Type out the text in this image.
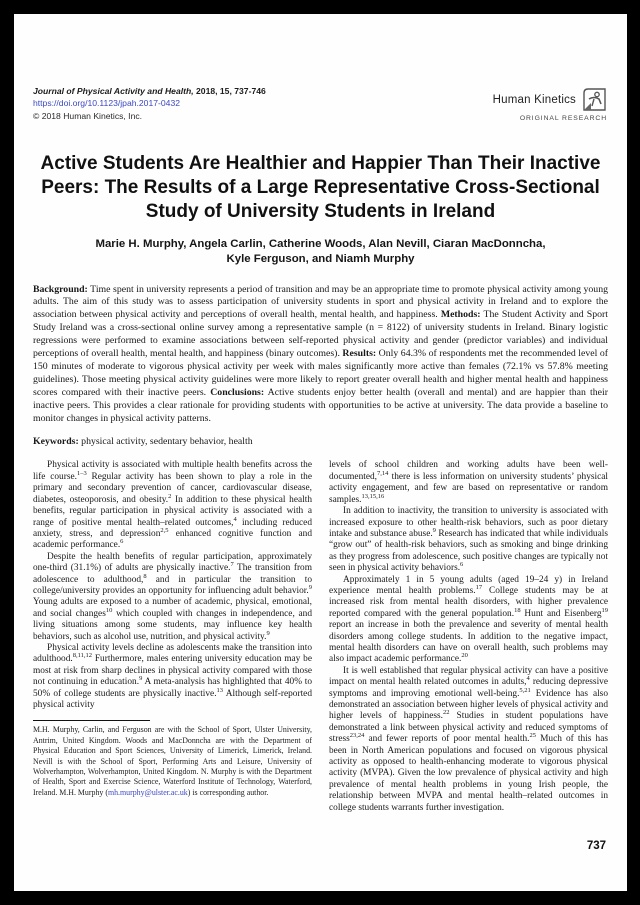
Journal of Physical Activity and Health, 2018, 15, 737-746
https://doi.org/10.1123/jpah.2017-0432
© 2018 Human Kinetics, Inc.
Human Kinetics
ORIGINAL RESEARCH
Active Students Are Healthier and Happier Than Their Inactive Peers: The Results of a Large Representative Cross-Sectional Study of University Students in Ireland
Marie H. Murphy, Angela Carlin, Catherine Woods, Alan Nevill, Ciaran MacDonncha,
Kyle Ferguson, and Niamh Murphy

Background: Time spent in university represents a period of transition and may be an appropriate time to promote physical activity among young adults. The aim of this study was to assess participation of university students in sport and physical activity in Ireland and to explore the association between physical activity and perceptions of overall health, mental health, and happiness. Methods: The Student Activity and Sport Study Ireland was a cross-sectional online survey among a representative sample (n = 8122) of university students in Ireland. Binary logistic regressions were performed to examine associations between self-reported physical activity and gender (predictor variables) and individual perceptions of overall health, mental health, and happiness (binary outcomes). Results: Only 64.3% of respondents met the recommended level of 150 minutes of moderate to vigorous physical activity per week with males significantly more active than females (72.1% vs 57.8% meeting guidelines). Those meeting physical activity guidelines were more likely to report greater overall health and higher mental health and happiness scores compared with their inactive peers. Conclusions: Active students enjoy better health (overall and mental) and are happier than their inactive peers. This provides a clear rationale for providing students with opportunities to be active at university. The data provide a baseline to monitor changes in physical activity patterns.

Keywords: physical activity, sedentary behavior, health

Physical activity is associated with multiple health benefits across the life course.$^{1-3}$ Regular activity has been shown to play a role in the primary and secondary prevention of cancer, cardiovascular disease, diabetes, osteoporosis, and obesity.$^2$ In addition to these physical health benefits, regular participation in physical activity is associated with a range of positive mental health–related outcomes,$^4$ including reduced anxiety, stress, and depression$^{2,5}$ enhanced cognitive function and academic performance.$^6$

Despite the health benefits of regular participation, approximately one-third (31.1%) of adults are physically inactive.$^7$ The transition from adolescence to adulthood,$^8$ and in particular the transition to college/university provides an opportunity for influencing adult behavior.$^9$ Young adults are exposed to a number of academic, physical, emotional, and social changes$^{10}$ which coupled with changes in independence, and living situations among some students, may influence key health behaviors, such as alcohol use, nutrition, and physical activity.$^9$

Physical activity levels decline as adolescents make the transition into adulthood.$^{8,11,12}$ Furthermore, males entering university education may be most at risk from sharp declines in physical activity compared with those not continuing in education.$^9$ A meta-analysis has highlighted that 40% to 50% of college students are physically inactive.$^{13}$ Although self-reported physical activity

M.H. Murphy, Carlin, and Ferguson are with the School of Sport, Ulster University, Antrim, United Kingdom. Woods and MacDonncha are with the Department of Physical Education and Sport Sciences, University of Limerick, Limerick, Ireland. Nevill is with the School of Sport, Performing Arts and Leisure, University of Wolverhampton, Wolverhampton, United Kingdom. N. Murphy is with the Department of Health, Sport and Exercise Science, Waterford Institute of Technology, Waterford, Ireland. M.H. Murphy (mh.murphy@ulster.ac.uk) is corresponding author.

levels of school children and working adults have been well-documented,$^{7,14}$ there is less information on university students’ physical activity engagement, and few are based on representative or random samples.$^{13,15,16}$

In addition to inactivity, the transition to university is associated with increased exposure to other health-risk behaviors, such as poor dietary intake and substance abuse.$^9$ Research has indicated that while individuals “grow out” of health-risk behaviors, such as smoking and binge drinking as they progress from adolescence, such positive changes are typically not seen in physical activity behaviors.$^6$

Approximately 1 in 5 young adults (aged 19–24 y) in Ireland experience mental health problems.$^{17}$ College students may be at increased risk from mental health disorders, with higher prevalence reported compared with the general population.$^{18}$ Hunt and Eisenberg$^{19}$ report an increase in both the prevalence and severity of mental health disorders among college students. In addition to the negative impact, mental health disorders can have on overall health, such problems may also impact academic performance.$^{20}$

It is well established that regular physical activity can have a positive impact on mental health related outcomes in adults,$^4$ reducing depressive symptoms and improving emotional well-being.$^{5,21}$ Evidence has also demonstrated an association between higher levels of physical activity and higher levels of happiness.$^{22}$ Studies in student populations have demonstrated a link between physical activity and reduced symptoms of stress$^{23,24}$ and fewer reports of poor mental health.$^{25}$ Much of this has been in North American populations and focused on vigorous physical activity as opposed to health-enhancing moderate to vigorous physical activity (MVPA). Given the low prevalence of physical activity and high prevalence of mental health problems in young Irish people, the relationship between MVPA and mental health–related outcomes in college students warrants further investigation.

737
